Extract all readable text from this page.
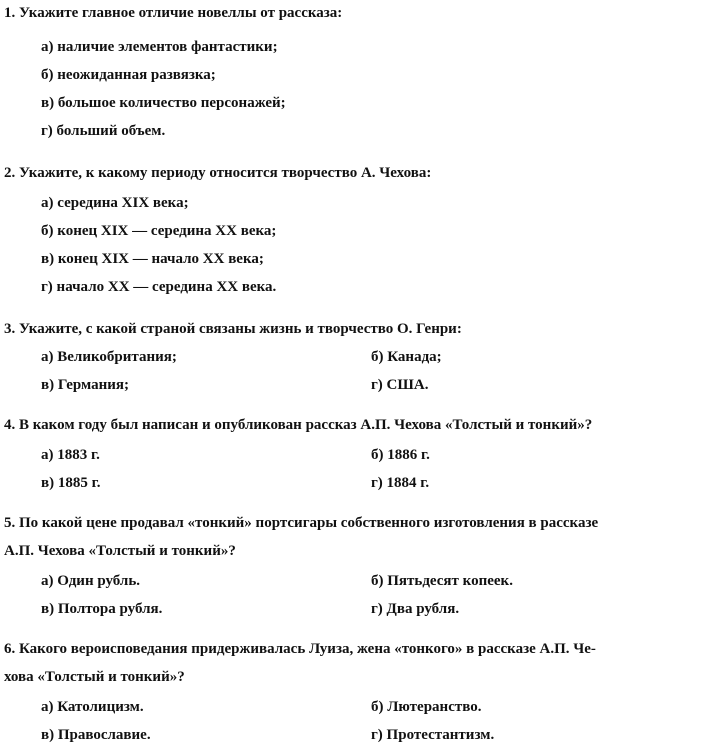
1. Укажите главное отличие новеллы от рассказа:
а) наличие элементов фантастики;
б) неожиданная развязка;
в) большое количество персонажей;
г) больший объем.
2. Укажите, к какому периоду относится творчество А. Чехова:
а) середина XIX века;
б) конец XIX — середина XX века;
в) конец XIX — начало XX века;
г) начало XX — середина XX века.
3. Укажите, с какой страной связаны жизнь и творчество О. Генри:
а) Великобритания;	б) Канада;
в) Германия;	г) США.
4. В каком году был написан и опубликован рассказ А.П. Чехова «Толстый и тонкий»?
а) 1883 г.	б) 1886 г.
в) 1885 г.	г) 1884 г.
5. По какой цене продавал «тонкий» портсигары собственного изготовления в рассказе
А.П. Чехова «Толстый и тонкий»?
а) Один рубль.	б) Пятьдесят копеек.
в) Полтора рубля.	г) Два рубля.
6. Какого вероисповедания придерживалась Луиза, жена «тонкого» в рассказе А.П. Че-
хова «Толстый и тонкий»?
а) Католицизм.	б) Лютеранство.
в) Православие.	г) Протестантизм.
